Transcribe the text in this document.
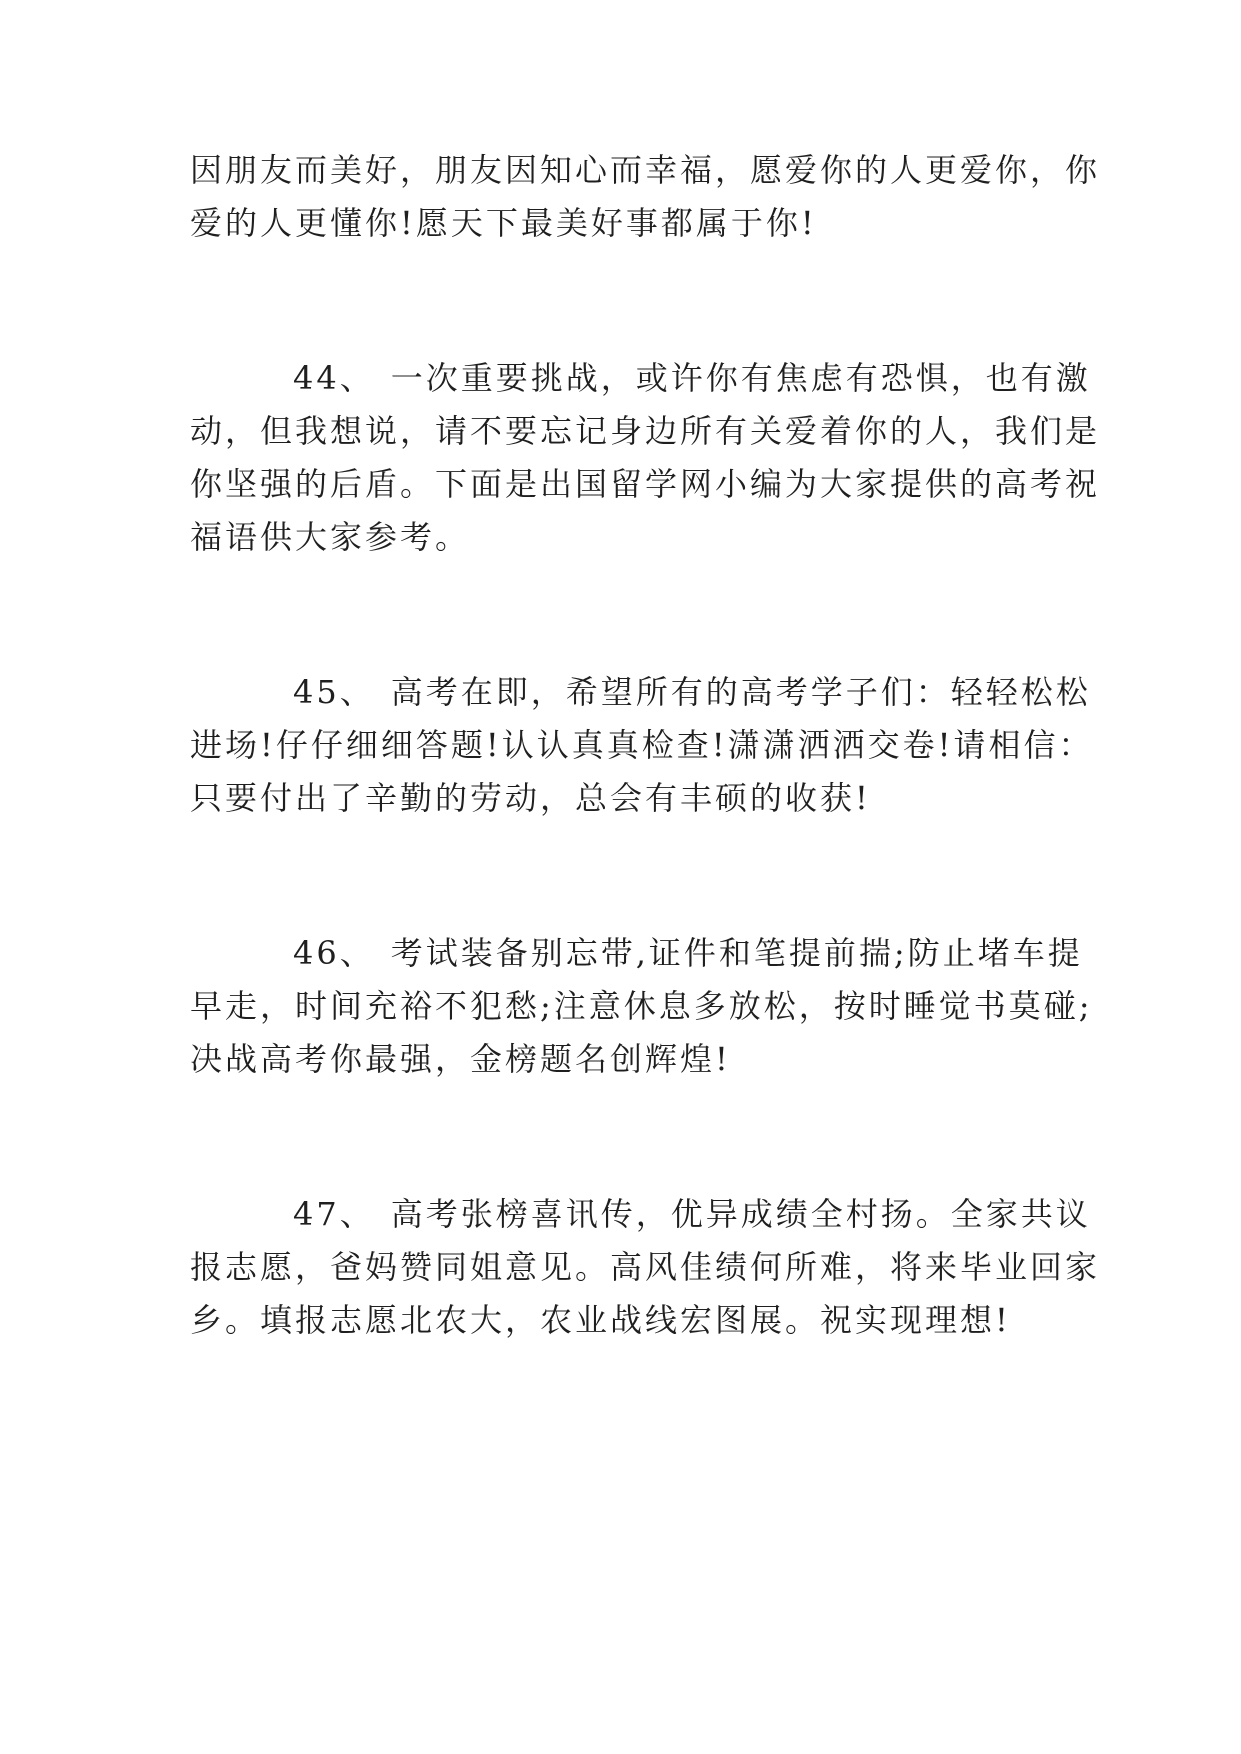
因朋友而美好，朋友因知心而幸福，愿爱你的人更爱你，你
爱的人更懂你!愿天下最美好事都属于你!
44、 一次重要挑战，或许你有焦虑有恐惧，也有激
动，但我想说，请不要忘记身边所有关爱着你的人，我们是
你坚强的后盾。下面是出国留学网小编为大家提供的高考祝
福语供大家参考。
45、 高考在即，希望所有的高考学子们：轻轻松松
进场!仔仔细细答题!认认真真检查!潇潇洒洒交卷!请相信：
只要付出了辛勤的劳动，总会有丰硕的收获!
46、 考试装备别忘带,证件和笔提前揣;防止堵车提
早走，时间充裕不犯愁;注意休息多放松，按时睡觉书莫碰;
决战高考你最强，金榜题名创辉煌!
47、 高考张榜喜讯传，优异成绩全村扬。全家共议
报志愿，爸妈赞同姐意见。高风佳绩何所难，将来毕业回家
乡。填报志愿北农大，农业战线宏图展。祝实现理想!
